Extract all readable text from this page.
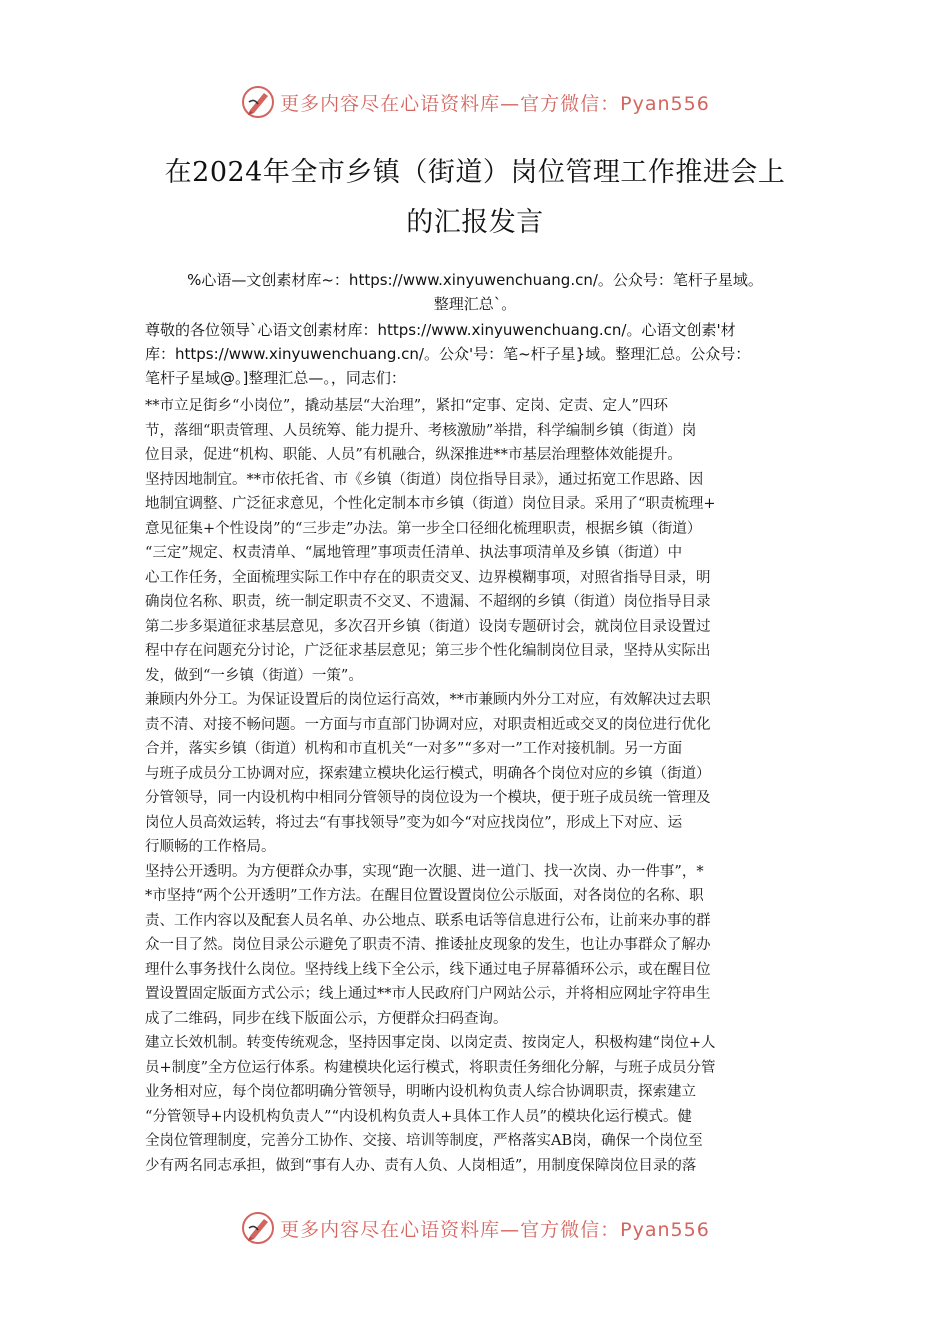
更多内容尽在心语资料库—官方微信：Pyan556
在2024年全市乡镇（街道）岗位管理工作推进会上
的汇报发言
%心语—文创素材库~：https://www.xinyuwenchuang.cn/。公众号：笔杆子星域。
整理汇总`。
尊敬的各位领导`心语文创素材库：https://www.xinyuwenchuang.cn/。心语文创素'材
库：https://www.xinyuwenchuang.cn/。公众'号：笔~杆子星}域。整理汇总。公众号：
笔杆子星域@。]整理汇总—。，同志们：
**市立足街乡“小岗位”，撬动基层“大治理”，紧扣“定事、定岗、定责、定人”四环
节，落细“职责管理、人员统筹、能力提升、考核激励”举措，科学编制乡镇（街道）岗
位目录，促进“机构、职能、人员”有机融合，纵深推进**市基层治理整体效能提升。
坚持因地制宜。**市依托省、市《乡镇（街道）岗位指导目录》，通过拓宽工作思路、因
地制宜调整、广泛征求意见，个性化定制本市乡镇（街道）岗位目录。采用了“职责梳理+
意见征集+个性设岗”的“三步走”办法。第一步全口径细化梳理职责，根据乡镇（街道）
“三定”规定、权责清单、“属地管理”事项责任清单、执法事项清单及乡镇（街道）中
心工作任务，全面梳理实际工作中存在的职责交叉、边界模糊事项，对照省指导目录，明
确岗位名称、职责，统一制定职责不交叉、不遗漏、不超纲的乡镇（街道）岗位指导目录
第二步多渠道征求基层意见，多次召开乡镇（街道）设岗专题研讨会，就岗位目录设置过
程中存在问题充分讨论，广泛征求基层意见；第三步个性化编制岗位目录，坚持从实际出
发，做到“一乡镇（街道）一策”。
兼顾内外分工。为保证设置后的岗位运行高效，**市兼顾内外分工对应，有效解决过去职
责不清、对接不畅问题。一方面与市直部门协调对应，对职责相近或交叉的岗位进行优化
合并，落实乡镇（街道）机构和市直机关“一对多”“多对一”工作对接机制。另一方面
与班子成员分工协调对应，探索建立模块化运行模式，明确各个岗位对应的乡镇（街道）
分管领导，同一内设机构中相同分管领导的岗位设为一个模块，便于班子成员统一管理及
岗位人员高效运转，将过去“有事找领导”变为如今“对应找岗位”，形成上下对应、运
行顺畅的工作格局。
坚持公开透明。为方便群众办事，实现“跑一次腿、进一道门、找一次岗、办一件事”，*
*市坚持“两个公开透明”工作方法。在醒目位置设置岗位公示版面，对各岗位的名称、职
责、工作内容以及配套人员名单、办公地点、联系电话等信息进行公布，让前来办事的群
众一目了然。岗位目录公示避免了职责不清、推诿扯皮现象的发生，也让办事群众了解办
理什么事务找什么岗位。坚持线上线下全公示，线下通过电子屏幕循环公示，或在醒目位
置设置固定版面方式公示；线上通过**市人民政府门户网站公示，并将相应网址字符串生
成了二维码，同步在线下版面公示，方便群众扫码查询。
建立长效机制。转变传统观念，坚持因事定岗、以岗定责、按岗定人，积极构建“岗位+人
员+制度”全方位运行体系。构建模块化运行模式，将职责任务细化分解，与班子成员分管
业务相对应，每个岗位都明确分管领导，明晰内设机构负责人综合协调职责，探索建立
“分管领导+内设机构负责人”“内设机构负责人+具体工作人员”的模块化运行模式。健
全岗位管理制度，完善分工协作、交接、培训等制度，严格落实AB岗，确保一个岗位至
少有两名同志承担，做到“事有人办、责有人负、人岗相适”，用制度保障岗位目录的落
更多内容尽在心语资料库—官方微信：Pyan556
